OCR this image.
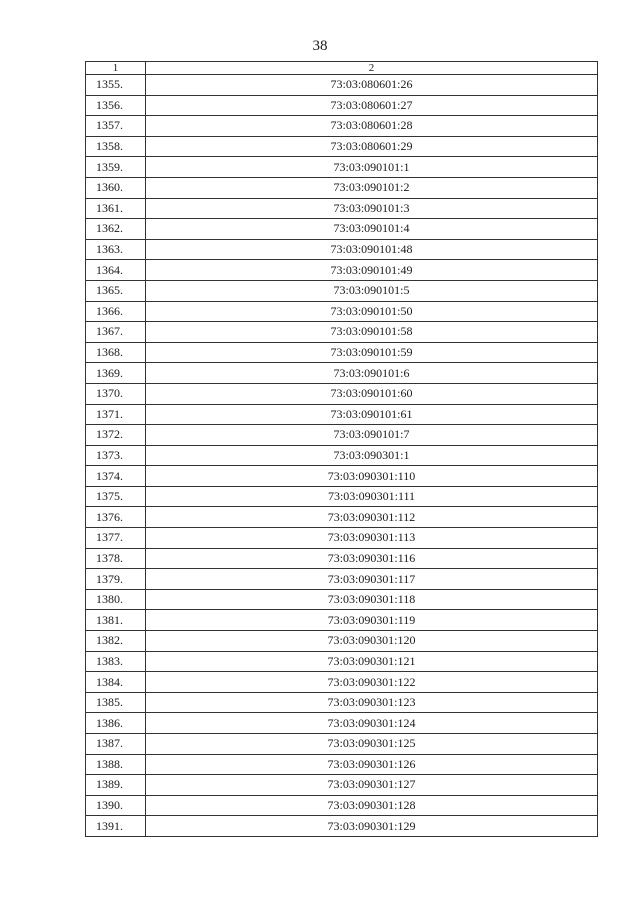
38
1	2
1355.	73:03:080601:26
1356.	73:03:080601:27
1357.	73:03:080601:28
1358.	73:03:080601:29
1359.	73:03:090101:1
1360.	73:03:090101:2
1361.	73:03:090101:3
1362.	73:03:090101:4
1363.	73:03:090101:48
1364.	73:03:090101:49
1365.	73:03:090101:5
1366.	73:03:090101:50
1367.	73:03:090101:58
1368.	73:03:090101:59
1369.	73:03:090101:6
1370.	73:03:090101:60
1371.	73:03:090101:61
1372.	73:03:090101:7
1373.	73:03:090301:1
1374.	73:03:090301:110
1375.	73:03:090301:111
1376.	73:03:090301:112
1377.	73:03:090301:113
1378.	73:03:090301:116
1379.	73:03:090301:117
1380.	73:03:090301:118
1381.	73:03:090301:119
1382.	73:03:090301:120
1383.	73:03:090301:121
1384.	73:03:090301:122
1385.	73:03:090301:123
1386.	73:03:090301:124
1387.	73:03:090301:125
1388.	73:03:090301:126
1389.	73:03:090301:127
1390.	73:03:090301:128
1391.	73:03:090301:129
